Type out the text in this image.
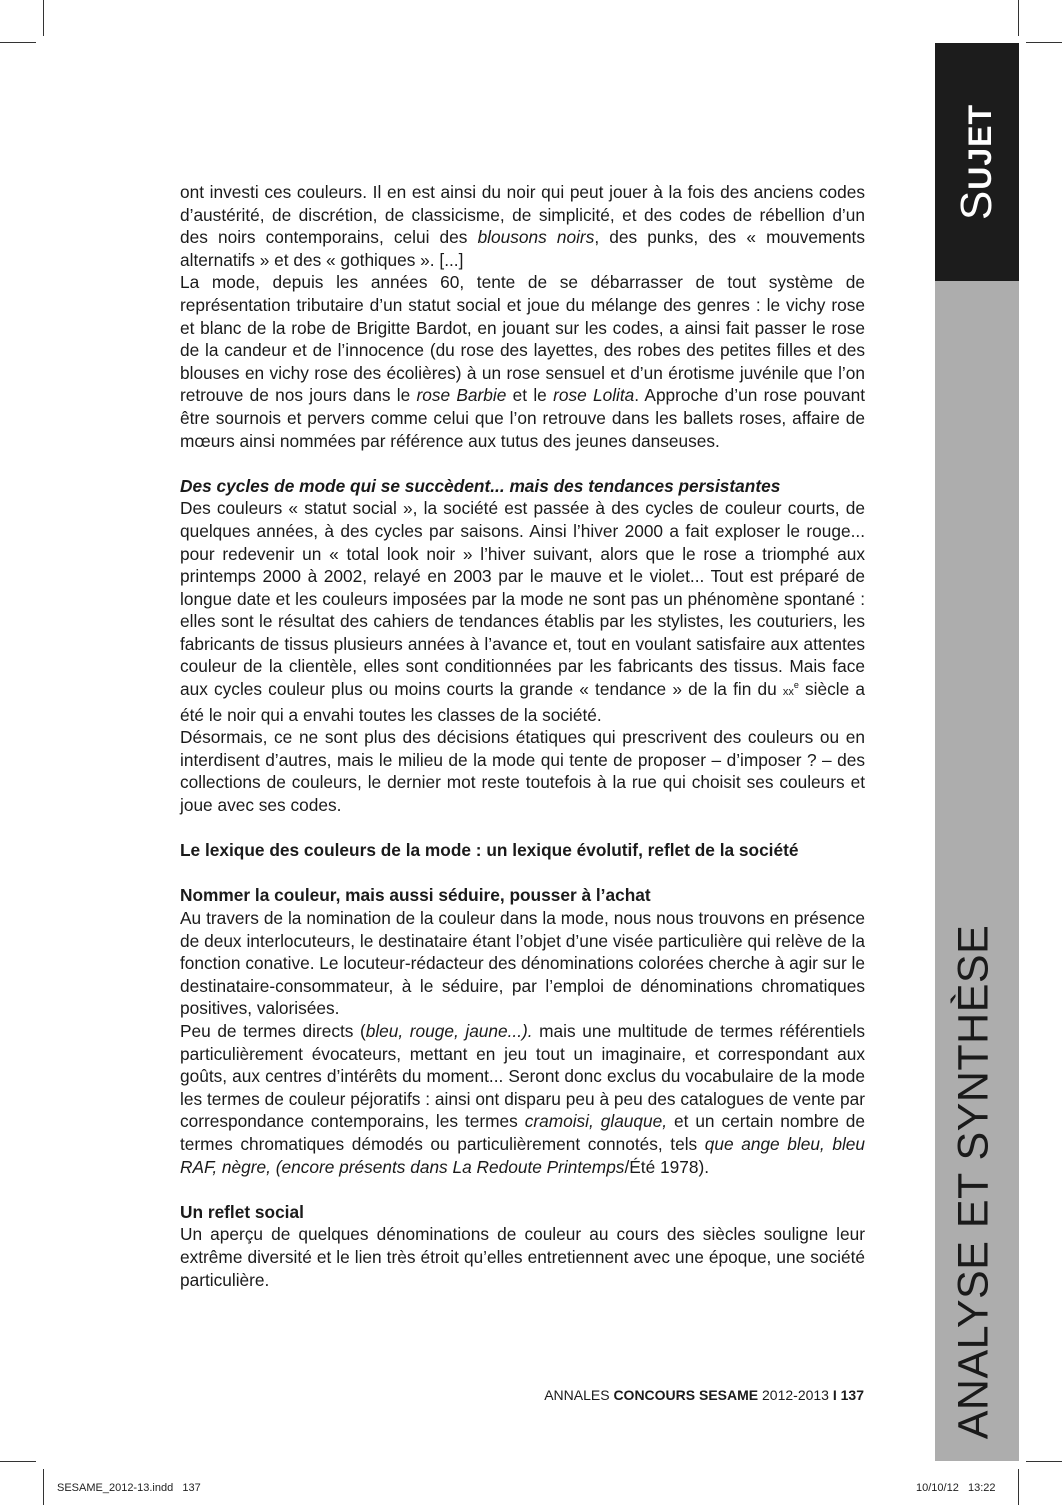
SUJET
ANALYSE ET SYNTHÈSE

ont investi ces couleurs. Il en est ainsi du noir qui peut jouer à la fois des anciens codes d’austérité, de discrétion, de classicisme, de simplicité, et des codes de rébellion d’un des noirs contemporains, celui des blousons noirs, des punks, des « mouvements alternatifs » et des « gothiques ». [...]

La mode, depuis les années 60, tente de se débarrasser de tout système de représentation tributaire d’un statut social et joue du mélange des genres : le vichy rose et blanc de la robe de Brigitte Bardot, en jouant sur les codes, a ainsi fait passer le rose de la candeur et de l’innocence (du rose des layettes, des robes des petites filles et des blouses en vichy rose des écolières) à un rose sensuel et d’un érotisme juvénile que l’on retrouve de nos jours dans le rose Barbie et le rose Lolita. Approche d’un rose pouvant être sournois et pervers comme celui que l’on retrouve dans les ballets roses, affaire de mœurs ainsi nommées par référence aux tutus des jeunes danseuses.

Des cycles de mode qui se succèdent... mais des tendances persistantes

Des couleurs « statut social », la société est passée à des cycles de couleur courts, de quelques années, à des cycles par saisons. Ainsi l’hiver 2000 a fait exploser le rouge... pour redevenir un « total look noir » l’hiver suivant, alors que le rose a triomphé aux printemps 2000 à 2002, relayé en 2003 par le mauve et le violet... Tout est préparé de longue date et les couleurs imposées par la mode ne sont pas un phénomène spontané : elles sont le résultat des cahiers de tendances établis par les stylistes, les couturiers, les fabricants de tissus plusieurs années à l’avance et, tout en voulant satisfaire aux attentes couleur de la clientèle, elles sont conditionnées par les fabricants des tissus. Mais face aux cycles couleur plus ou moins courts la grande « tendance » de la fin du $xx^e$ siècle a été le noir qui a envahi toutes les classes de la société.

Désormais, ce ne sont plus des décisions étatiques qui prescrivent des couleurs ou en interdisent d’autres, mais le milieu de la mode qui tente de proposer – d’imposer ? – des collections de couleurs, le dernier mot reste toutefois à la rue qui choisit ses couleurs et joue avec ses codes.

Le lexique des couleurs de la mode : un lexique évolutif, reflet de la société
Nommer la couleur, mais aussi séduire, pousser à l’achat

Au travers de la nomination de la couleur dans la mode, nous nous trouvons en présence de deux interlocuteurs, le destinataire étant l’objet d’une visée particulière qui relève de la fonction conative. Le locuteur-rédacteur des dénominations colorées cherche à agir sur le destinataire-consommateur, à le séduire, par l’emploi de dénominations chromatiques positives, valorisées.

Peu de termes directs (bleu, rouge, jaune...). mais une multitude de termes référentiels particulièrement évocateurs, mettant en jeu tout un imaginaire, et correspondant aux goûts, aux centres d’intérêts du moment... Seront donc exclus du vocabulaire de la mode les termes de couleur péjoratifs : ainsi ont disparu peu à peu des catalogues de vente par correspondance contemporains, les termes cramoisi, glauque, et un certain nombre de termes chromatiques démodés ou particulièrement connotés, tels que ange bleu, bleu RAF, nègre, (encore présents dans La Redoute Printemps/Été 1978).

Un reflet social

Un aperçu de quelques dénominations de couleur au cours des siècles souligne leur extrême diversité et le lien très étroit qu’elles entretiennent avec une époque, une société particulière.

ANNALES CONCOURS SESAME 2012-2013 I 137
SESAME_2012-13.indd   137	10/10/12   13:22
